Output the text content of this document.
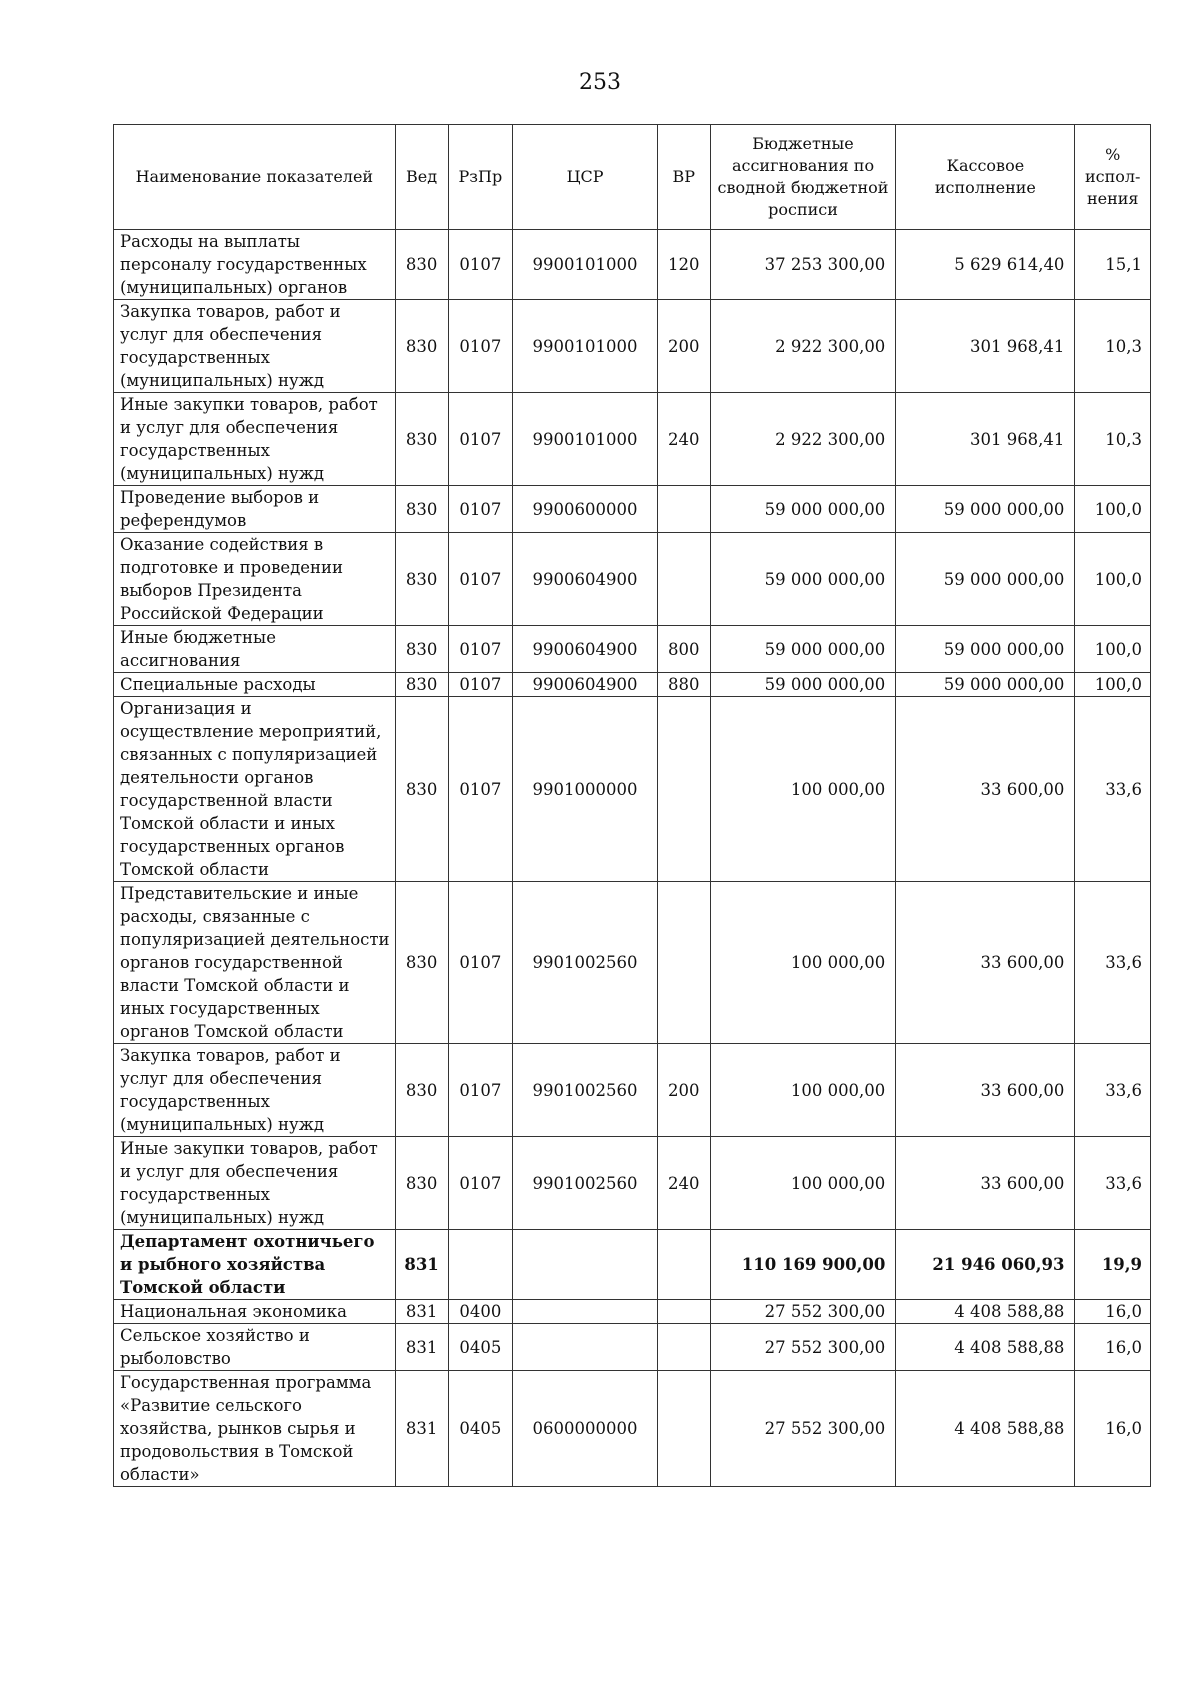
253
Наименование показателей	Вед	РзПр	ЦСР	ВР	Бюджетные ассигнования по сводной бюджетной росписи	Кассовое исполнение	% испол-нения
Расходы на выплаты персоналу государственных (муниципальных) органов	830	0107	9900101000	120	37 253 300,00	5 629 614,40	15,1
Закупка товаров, работ и услуг для обеспечения государственных (муниципальных) нужд	830	0107	9900101000	200	2 922 300,00	301 968,41	10,3
Иные закупки товаров, работ и услуг для обеспечения государственных (муниципальных) нужд	830	0107	9900101000	240	2 922 300,00	301 968,41	10,3
Проведение выборов и референдумов	830	0107	9900600000		59 000 000,00	59 000 000,00	100,0
Оказание содействия в подготовке и проведении выборов Президента Российской Федерации	830	0107	9900604900		59 000 000,00	59 000 000,00	100,0
Иные бюджетные ассигнования	830	0107	9900604900	800	59 000 000,00	59 000 000,00	100,0
Специальные расходы	830	0107	9900604900	880	59 000 000,00	59 000 000,00	100,0
Организация и осуществление мероприятий, связанных с популяризацией деятельности органов государственной власти Томской области и иных государственных органов Томской области	830	0107	9901000000		100 000,00	33 600,00	33,6
Представительские и иные расходы, связанные с популяризацией деятельности органов государственной власти Томской области и иных государственных органов Томской области	830	0107	9901002560		100 000,00	33 600,00	33,6
Закупка товаров, работ и услуг для обеспечения государственных (муниципальных) нужд	830	0107	9901002560	200	100 000,00	33 600,00	33,6
Иные закупки товаров, работ и услуг для обеспечения государственных (муниципальных) нужд	830	0107	9901002560	240	100 000,00	33 600,00	33,6
Департамент охотничьего и рыбного хозяйства Томской области	831				110 169 900,00	21 946 060,93	19,9
Национальная экономика	831	0400			27 552 300,00	4 408 588,88	16,0
Сельское хозяйство и рыболовство	831	0405			27 552 300,00	4 408 588,88	16,0
Государственная программа «Развитие сельского хозяйства, рынков сырья и продовольствия в Томской области»	831	0405	0600000000		27 552 300,00	4 408 588,88	16,0
